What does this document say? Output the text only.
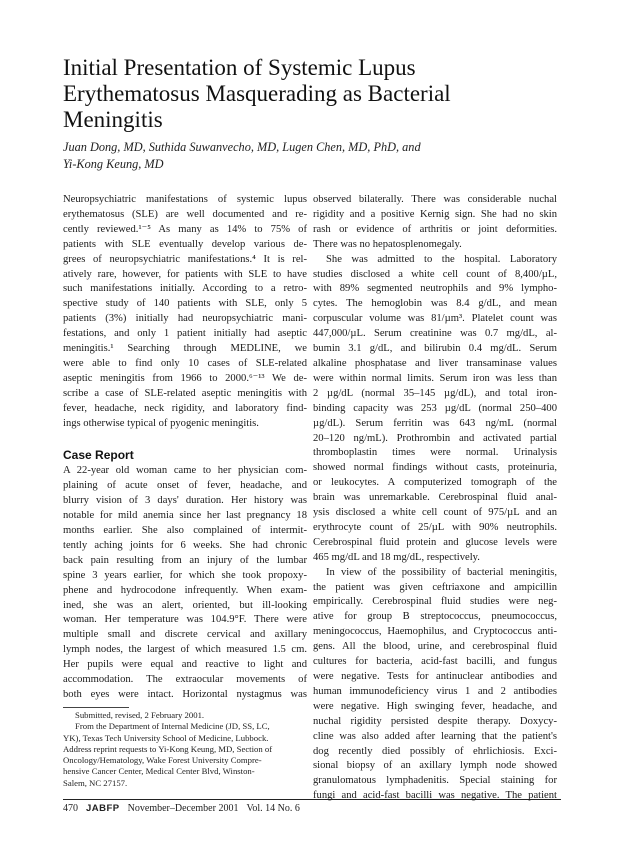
Initial Presentation of Systemic Lupus
Erythematosus Masquerading as Bacterial
Meningitis
Juan Dong, MD, Suthida Suwanvecho, MD, Lugen Chen, MD, PhD, and
Yi-Kong Keung, MD
Neuropsychiatric manifestations of systemic lupus
erythematosus (SLE) are well documented and re-
cently reviewed.¹⁻⁵ As many as 14% to 75% of
patients with SLE eventually develop various de-
grees of neuropsychiatric manifestations.⁴ It is rel-
atively rare, however, for patients with SLE to have
such manifestations initially. According to a retro-
spective study of 140 patients with SLE, only 5
patients (3%) initially had neuropsychiatric mani-
festations, and only 1 patient initially had aseptic
meningitis.¹ Searching through MEDLINE, we
were able to find only 10 cases of SLE-related
aseptic meningitis from 1966 to 2000.⁶⁻¹³ We de-
scribe a case of SLE-related aseptic meningitis with
fever, headache, neck rigidity, and laboratory find-
ings otherwise typical of pyogenic meningitis.
Case Report
A 22-year old woman came to her physician com-
plaining of acute onset of fever, headache, and
blurry vision of 3 days' duration. Her history was
notable for mild anemia since her last pregnancy 18
months earlier. She also complained of intermit-
tently aching joints for 6 weeks. She had chronic
back pain resulting from an injury of the lumbar
spine 3 years earlier, for which she took propoxy-
phene and hydrocodone infrequently. When exam-
ined, she was an alert, oriented, but ill-looking
woman. Her temperature was 104.9°F. There were
multiple small and discrete cervical and axillary
lymph nodes, the largest of which measured 1.5 cm.
Her pupils were equal and reactive to light and
accommodation. The extraocular movements of
both eyes were intact. Horizontal nystagmus was
Submitted, revised, 2 February 2001.
From the Department of Internal Medicine (JD, SS, LC,
YK), Texas Tech University School of Medicine, Lubbock.
Address reprint requests to Yi-Kong Keung, MD, Section of
Oncology/Hematology, Wake Forest University Compre-
hensive Cancer Center, Medical Center Blvd, Winston-
Salem, NC 27157.
observed bilaterally. There was considerable nuchal
rigidity and a positive Kernig sign. She had no skin
rash or evidence of arthritis or joint deformities.
There was no hepatosplenomegaly.
She was admitted to the hospital. Laboratory
studies disclosed a white cell count of 8,400/µL,
with 89% segmented neutrophils and 9% lympho-
cytes. The hemoglobin was 8.4 g/dL, and mean
corpuscular volume was 81/µm³. Platelet count was
447,000/µL. Serum creatinine was 0.7 mg/dL, al-
bumin 3.1 g/dL, and bilirubin 0.4 mg/dL. Serum
alkaline phosphatase and liver transaminase values
were within normal limits. Serum iron was less than
2 µg/dL (normal 35–145 µg/dL), and total iron-
binding capacity was 253 µg/dL (normal 250–400
µg/dL). Serum ferritin was 643 ng/mL (normal
20–120 ng/mL). Prothrombin and activated partial
thromboplastin times were normal. Urinalysis
showed normal findings without casts, proteinuria,
or leukocytes. A computerized tomograph of the
brain was unremarkable. Cerebrospinal fluid anal-
ysis disclosed a white cell count of 975/µL and an
erythrocyte count of 25/µL with 90% neutrophils.
Cerebrospinal fluid protein and glucose levels were
465 mg/dL and 18 mg/dL, respectively.
In view of the possibility of bacterial meningitis,
the patient was given ceftriaxone and ampicillin
empirically. Cerebrospinal fluid studies were neg-
ative for group B streptococcus, pneumococcus,
meningococcus, Haemophilus, and Cryptococcus anti-
gens. All the blood, urine, and cerebrospinal fluid
cultures for bacteria, acid-fast bacilli, and fungus
were negative. Tests for antinuclear antibodies and
human immunodeficiency virus 1 and 2 antibodies
were negative. High swinging fever, headache, and
nuchal rigidity persisted despite therapy. Doxycy-
cline was also added after learning that the patient's
dog recently died possibly of ehrlichiosis. Exci-
sional biopsy of an axillary lymph node showed
granulomatous lymphadenitis. Special staining for
fungi and acid-fast bacilli was negative. The patient
470 JABFP November–December 2001 Vol. 14 No. 6
